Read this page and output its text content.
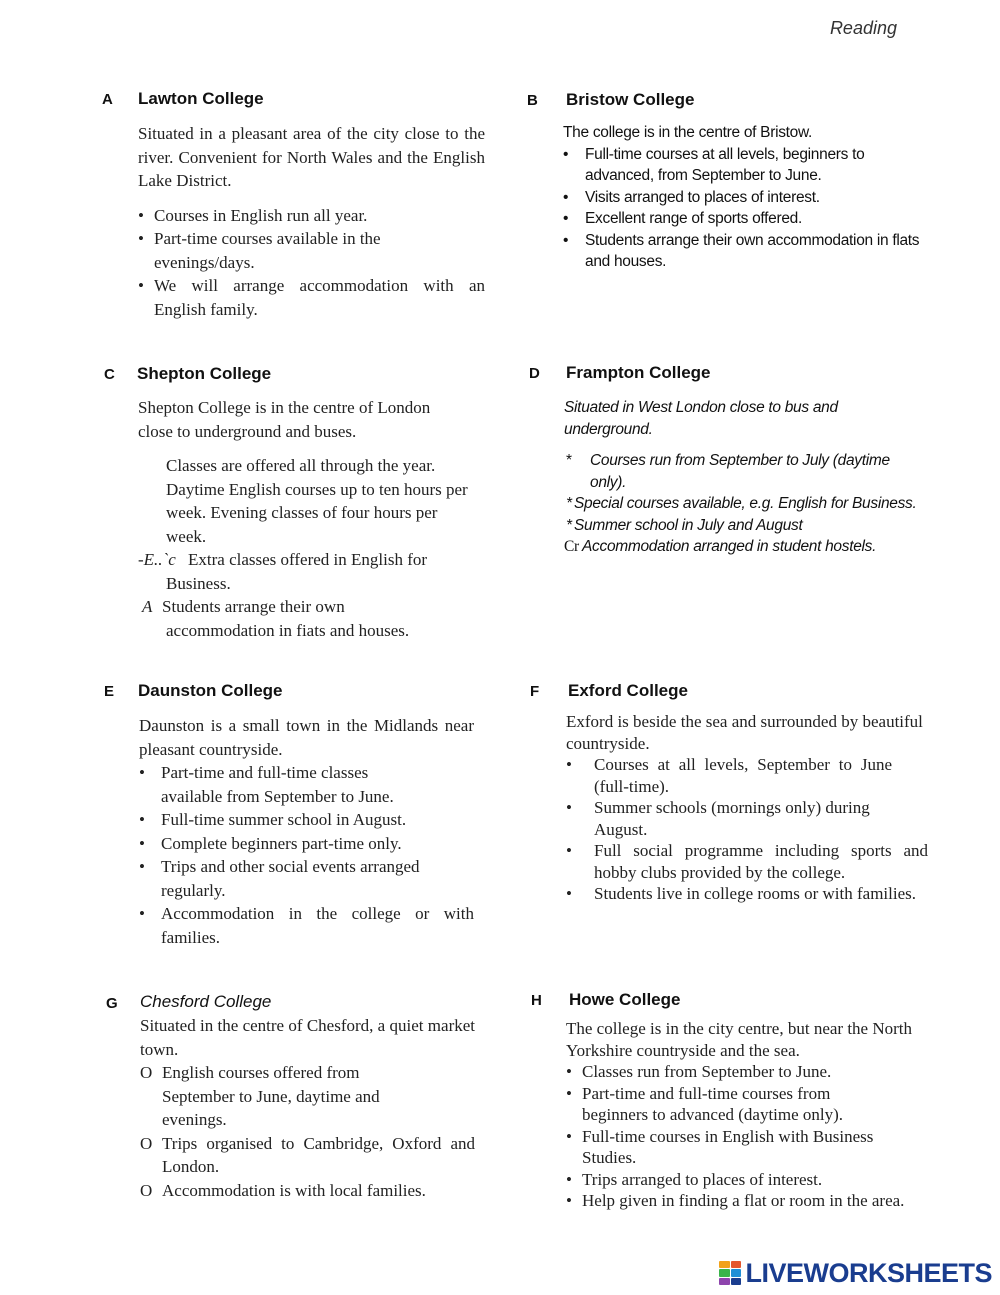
Reading
A Lawton College

Situated in a pleasant area of the city close to the river. Convenient for North Wales and the English Lake District.

• Courses in English run all year.
• Part-time courses available in the evenings/days.
• We will arrange accommodation with an English family.
B Bristow College

The college is in the centre of Bristow.

• Full-time courses at all levels, beginners to advanced, from September to June.
• Visits arranged to places of interest.
• Excellent range of sports offered.
• Students arrange their own accommodation in flats and houses.
C Shepton College
Shepton College is in the centre of London close to underground and buses.
Classes are offered all through the year. Daytime English courses up to ten hours per week. Evening classes of four hours per week.
-E..`c Extra classes offered in English for Business.
A Students arrange their own accommodation in fiats and houses.
D Frampton College
Situated in West London close to bus and underground.
* Courses run from September to July (daytime only).
* Special courses available, e.g. English for Business.
* Summer school in July and August
Cr Accommodation arranged in student hostels.
E Daunston College

Daunston is a small town in the Midlands near pleasant countryside.

• Part-time and full-time classes available from September to June.
• Full-time summer school in August.
• Complete beginners part-time only.
• Trips and other social events arranged regularly.
• Accommodation in the college or with families.
F Exford College

Exford is beside the sea and surrounded by beautiful countryside.

• Courses at all levels, September to June (full-time).
• Summer schools (mornings only) during August.
• Full social programme including sports and hobby clubs provided by the college.
• Students live in college rooms or with families.
G Chesford College

Situated in the centre of Chesford, a quiet market town.

O English courses offered from September to June, daytime and evenings.
O Trips organised to Cambridge, Oxford and London.
O Accommodation is with local families.
H Howe College

The college is in the city centre, but near the North Yorkshire countryside and the sea.

• Classes run from September to June.
• Part-time and full-time courses from beginners to advanced (daytime only).
• Full-time courses in English with Business Studies.
• Trips arranged to places of interest.
• Help given in finding a flat or room in the area.
LIVEWORKSHEETS
